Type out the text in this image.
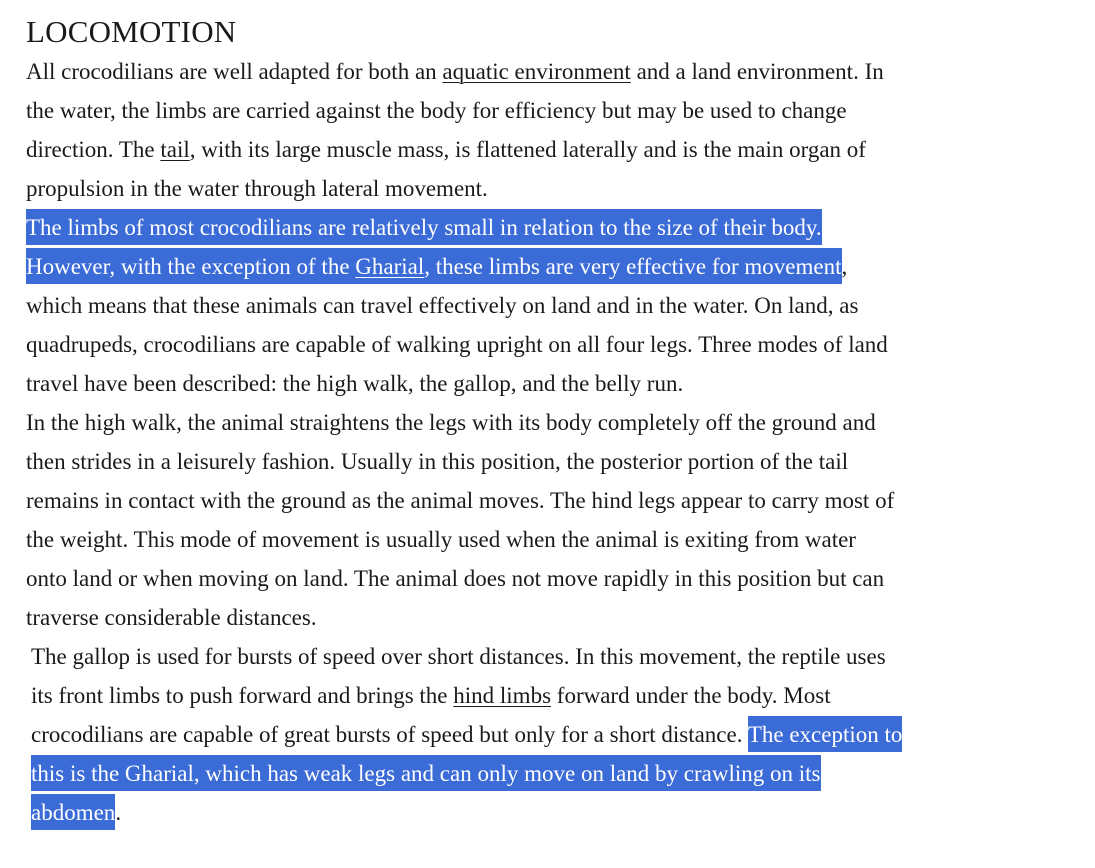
LOCOMOTION
All crocodilians are well adapted for both an aquatic environment and a land environment. In
the water, the limbs are carried against the body for efficiency but may be used to change
direction. The tail, with its large muscle mass, is flattened laterally and is the main organ of
propulsion in the water through lateral movement.
The limbs of most crocodilians are relatively small in relation to the size of their body.
However, with the exception of the Gharial, these limbs are very effective for movement,
which means that these animals can travel effectively on land and in the water. On land, as
quadrupeds, crocodilians are capable of walking upright on all four legs. Three modes of land
travel have been described: the high walk, the gallop, and the belly run.
In the high walk, the animal straightens the legs with its body completely off the ground and
then strides in a leisurely fashion. Usually in this position, the posterior portion of the tail
remains in contact with the ground as the animal moves. The hind legs appear to carry most of
the weight. This mode of movement is usually used when the animal is exiting from water
onto land or when moving on land. The animal does not move rapidly in this position but can
traverse considerable distances.
The gallop is used for bursts of speed over short distances. In this movement, the reptile uses
its front limbs to push forward and brings the hind limbs forward under the body. Most
crocodilians are capable of great bursts of speed but only for a short distance. The exception to
this is the Gharial, which has weak legs and can only move on land by crawling on its
abdomen.
